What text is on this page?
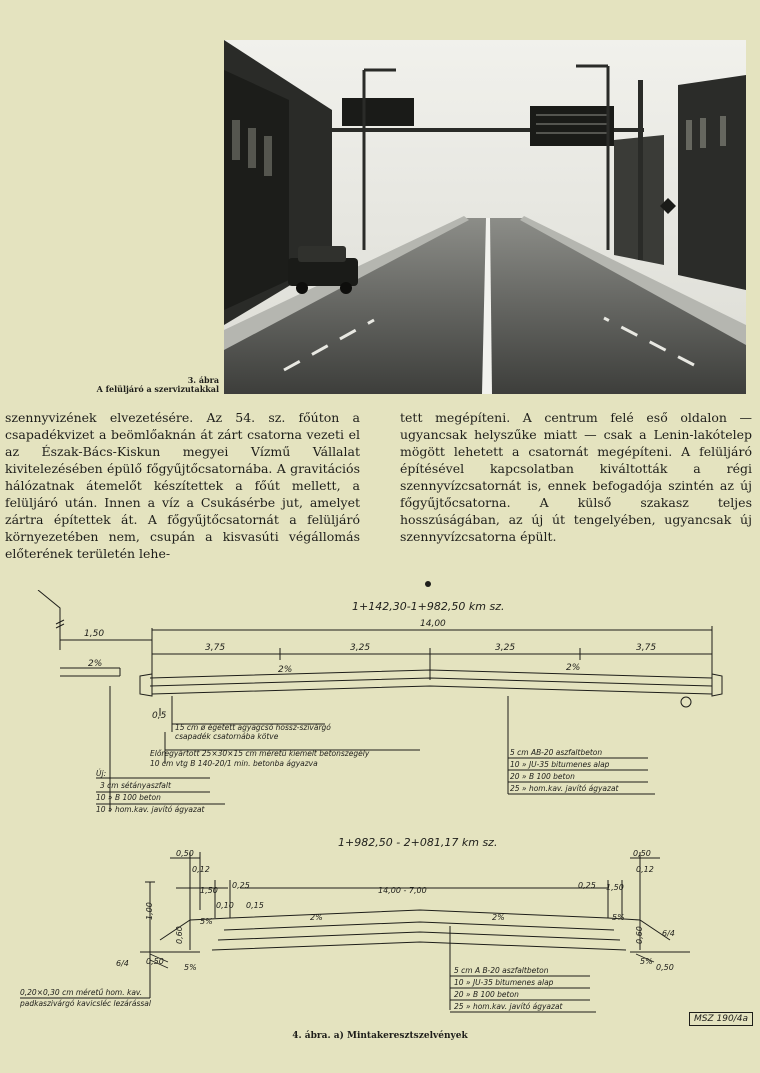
3. ábra
A felüljáró a szervizutakkal

szennyvizének elvezetésére. Az 54. sz. főúton a csapadékvizet a beömlőaknán át zárt csatorna vezeti el az Észak-Bács-Kiskun megyei Vízmű Vállalat kivitelezésében épülő főgyűjtőcsatornába. A gravitációs hálózatnak átemelőt készítettek a főút mellett, a felüljáró után. Innen a víz a Csukásérbe jut, amelyet zártra építettek át. A főgyűjtőcsatornát a felüljáró környezetében nem, csupán a kisvasúti végállomás előterének területén lehe-

tett megépíteni. A centrum felé eső oldalon — ugyancsak helyszűke miatt — csak a Lenin-lakótelep mögött lehetett a csatornát megépíteni. A felüljáró építésével kapcsolatban kiváltották a régi szennyvízcsatornát is, ennek befogadója szintén az új főgyűjtőcsatorna. A külső szakasz teljes hosszúságában, az új út tengelyében, ugyancsak új szennyvízcsatorna épült.

1+142,30-1+982,50 km sz.
1,50
14,00
3,75	3,25	3,25	3,75
2%
2%	2%
0,5
15 cm ø égetett agyagcső hossz-szivárgó
csapadék csatornába kötve
Előregyártott 25×30×15 cm méretű kiemelt betonszegély
10 cm vtg B 140-20/1 min. betonba ágyazva
Új:
3 cm sétányaszfalt
10 » B 100 beton
10 » hom.kav. javító ágyazat
5 cm AB-20 aszfaltbeton
10 » JU-35 bitumenes alap
20 » B 100 beton
25 » hom.kav. javító ágyazat
1+982,50 - 2+081,17 km sz.
0,50
0,12
1,50
0,25
0,10 0,15
14,00 - 7,00
0,25 1,50
0,50
0,12
1,00
0,60	0,60
5%
5%
5%
5%
2%	2%
6/4
6/4
0,50
0,50
0,20×0,30 cm méretű hom. kav.
padkaszivárgó kavicsléc lezárással
5 cm A B-20 aszfaltbeton
10 » JU-35 bitumenes alap
20 » B 100 beton
25 » hom.kav. javító ágyazat
MSZ 190/4a
4. ábra. a) Mintakeresztszelvények
